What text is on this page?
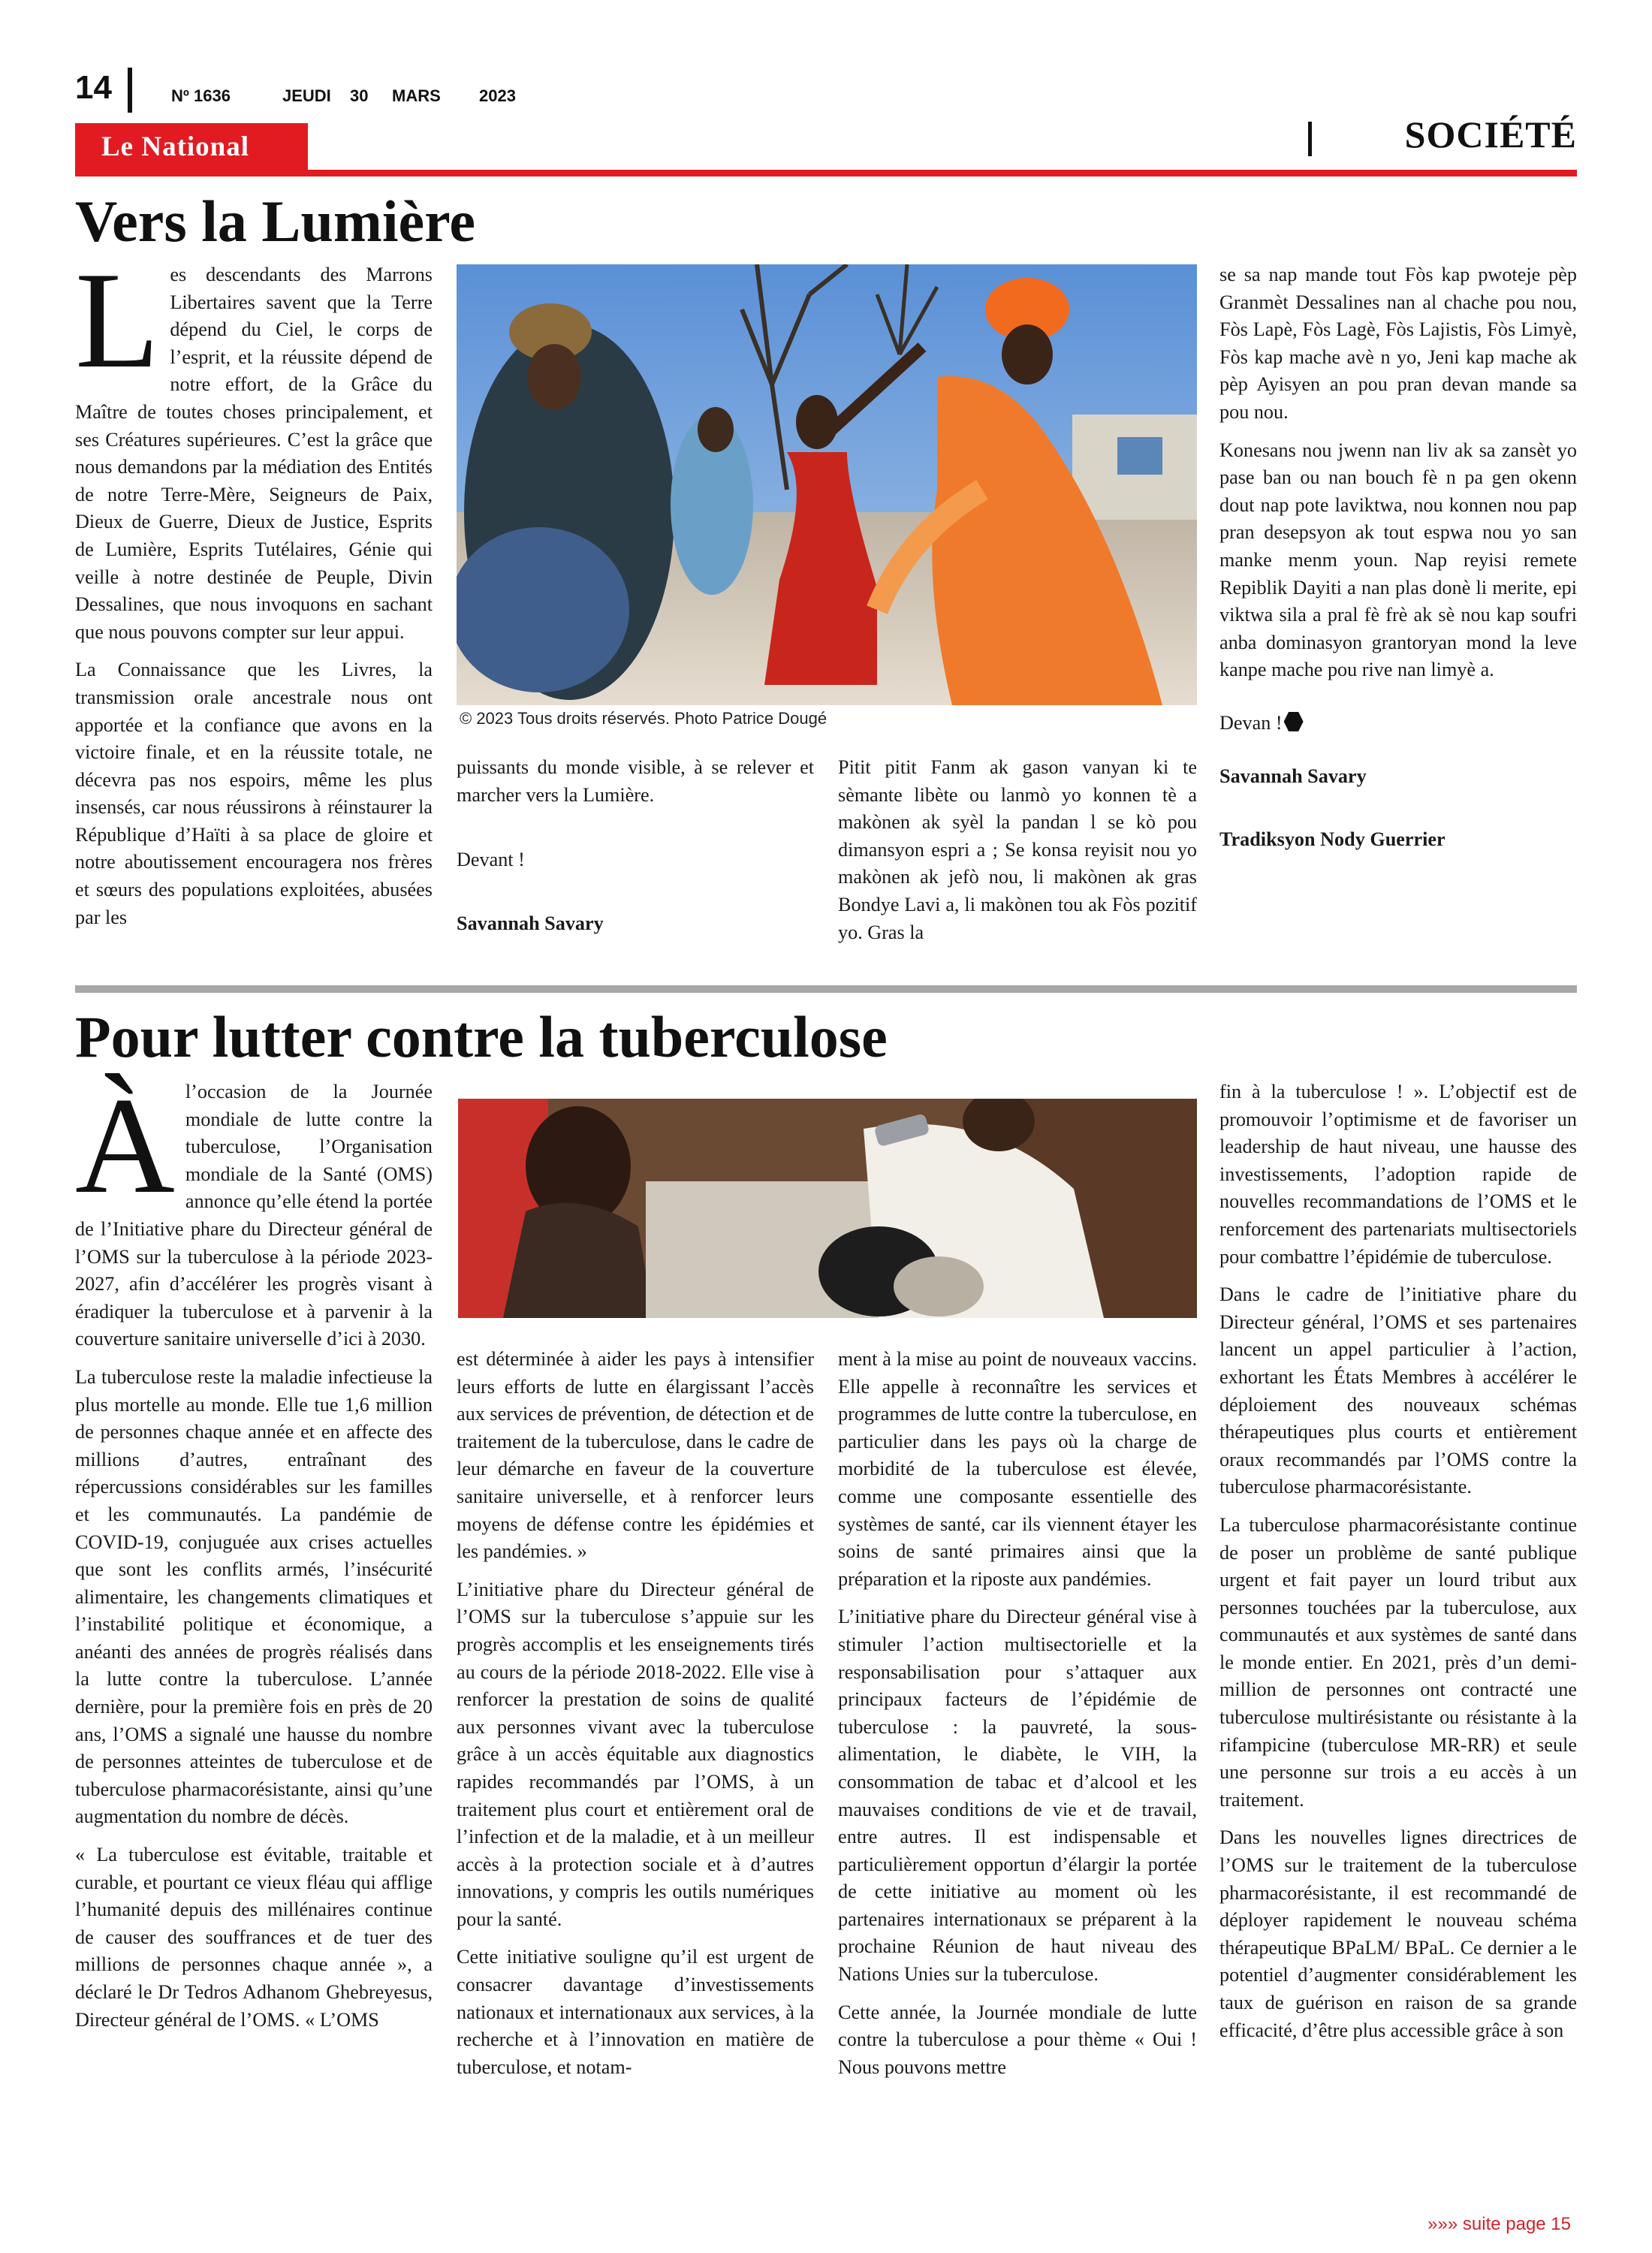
14	Nº 1636	JEUDI 30 MARS 2023
Le National	SOCIÉTÉ
Vers la Lumière

Les descendants des Marrons Libertaires savent que la Terre dépend du Ciel, le corps de l’esprit, et la réussite dépend de notre effort, de la Grâce du Maître de toutes choses principalement, et ses Créatures supérieures. C’est la grâce que nous demandons par la médiation des Entités de notre Terre-Mère, Seigneurs de Paix, Dieux de Guerre, Dieux de Justice, Esprits de Lumière, Esprits Tutélaires, Génie qui veille à notre destinée de Peuple, Divin Dessalines, que nous invoquons en sachant que nous pouvons compter sur leur appui.

La Connaissance que les Livres, la transmission orale ancestrale nous ont apportée et la confiance que avons en la victoire finale, et en la réussite totale, ne décevra pas nos espoirs, même les plus insensés, car nous réussirons à réinstaurer la République d’Haïti à sa place de gloire et notre aboutissement encouragera nos frères et sœurs des populations exploitées, abusées par les

© 2023 Tous droits réservés. Photo Patrice Dougé

puissants du monde visible, à se relever et marcher vers la Lumière.

Devant !

Savannah Savary

Pitit pitit Fanm ak gason vanyan ki te sèmante libète ou lanmò yo konnen tè a makònen ak syèl la pandan l se kò pou dimansyon espri a ; Se konsa reyisit nou yo makònen ak jefò nou, li makònen ak gras Bondye Lavi a, li makònen tou ak Fòs pozitif yo. Gras la

se sa nap mande tout Fòs kap pwoteje pèp Granmèt Dessalines nan al chache pou nou, Fòs Lapè, Fòs Lagè, Fòs Lajistis, Fòs Limyè, Fòs kap mache avè n yo, Jeni kap mache ak pèp Ayisyen an pou pran devan mande sa pou nou.

Konesans nou jwenn nan liv ak sa zansèt yo pase ban ou nan bouch fè n pa gen okenn dout nap pote laviktwa, nou konnen nou pap pran desepsyon ak tout espwa nou yo san manke menm youn. Nap reyisi remete Repiblik Dayiti a nan plas donè li merite, epi viktwa sila a pral fè frè ak sè nou kap soufri anba dominasyon grantoryan mond la leve kanpe mache pou rive nan limyè a.

Devan !

Savannah Savary

Tradiksyon Nody Guerrier

Pour lutter contre la tuberculose

Àl’occasion de la Journée mondiale de lutte contre la tuberculose, l’Organisation mondiale de la Santé (OMS) annonce qu’elle étend la portée de l’Initiative phare du Directeur général de l’OMS sur la tuberculose à la période 2023-2027, afin d’accélérer les progrès visant à éradiquer la tuberculose et à parvenir à la couverture sanitaire universelle d’ici à 2030.

La tuberculose reste la maladie infectieuse la plus mortelle au monde. Elle tue 1,6 million de personnes chaque année et en affecte des millions d’autres, entraînant des répercussions considérables sur les familles et les communautés. La pandémie de COVID-19, conjuguée aux crises actuelles que sont les conflits armés, l’insécurité alimentaire, les changements climatiques et l’instabilité politique et économique, a anéanti des années de progrès réalisés dans la lutte contre la tuberculose. L’année dernière, pour la première fois en près de 20 ans, l’OMS a signalé une hausse du nombre de personnes atteintes de tuberculose et de tuberculose pharmacorésistante, ainsi qu’une augmentation du nombre de décès.

« La tuberculose est évitable, traitable et curable, et pourtant ce vieux fléau qui afflige l’humanité depuis des millénaires continue de causer des souffrances et de tuer des millions de personnes chaque année », a déclaré le Dr Tedros Adhanom Ghebreyesus, Directeur général de l’OMS. « L’OMS

est déterminée à aider les pays à intensifier leurs efforts de lutte en élargissant l’accès aux services de prévention, de détection et de traitement de la tuberculose, dans le cadre de leur démarche en faveur de la couverture sanitaire universelle, et à renforcer leurs moyens de défense contre les épidémies et les pandémies. »

L’initiative phare du Directeur général de l’OMS sur la tuberculose s’appuie sur les progrès accomplis et les enseignements tirés au cours de la période 2018-2022. Elle vise à renforcer la prestation de soins de qualité aux personnes vivant avec la tuberculose grâce à un accès équitable aux diagnostics rapides recommandés par l’OMS, à un traitement plus court et entièrement oral de l’infection et de la maladie, et à un meilleur accès à la protection sociale et à d’autres innovations, y compris les outils numériques pour la santé.

Cette initiative souligne qu’il est urgent de consacrer davantage d’investissements nationaux et internationaux aux services, à la recherche et à l’innovation en matière de tuberculose, et notam-

ment à la mise au point de nouveaux vaccins. Elle appelle à reconnaître les services et programmes de lutte contre la tuberculose, en particulier dans les pays où la charge de morbidité de la tuberculose est élevée, comme une composante essentielle des systèmes de santé, car ils viennent étayer les soins de santé primaires ainsi que la préparation et la riposte aux pandémies.

L’initiative phare du Directeur général vise à stimuler l’action multisectorielle et la responsabilisation pour s’attaquer aux principaux facteurs de l’épidémie de tuberculose : la pauvreté, la sous-alimentation, le diabète, le VIH, la consommation de tabac et d’alcool et les mauvaises conditions de vie et de travail, entre autres. Il est indispensable et particulièrement opportun d’élargir la portée de cette initiative au moment où les partenaires internationaux se préparent à la prochaine Réunion de haut niveau des Nations Unies sur la tuberculose.

Cette année, la Journée mondiale de lutte contre la tuberculose a pour thème « Oui ! Nous pouvons mettre

fin à la tuberculose ! ». L’objectif est de promouvoir l’optimisme et de favoriser un leadership de haut niveau, une hausse des investissements, l’adoption rapide de nouvelles recommandations de l’OMS et le renforcement des partenariats multisectoriels pour combattre l’épidémie de tuberculose.

Dans le cadre de l’initiative phare du Directeur général, l’OMS et ses partenaires lancent un appel particulier à l’action, exhortant les États Membres à accélérer le déploiement des nouveaux schémas thérapeutiques plus courts et entièrement oraux recommandés par l’OMS contre la tuberculose pharmacorésistante.

La tuberculose pharmacorésistante continue de poser un problème de santé publique urgent et fait payer un lourd tribut aux personnes touchées par la tuberculose, aux communautés et aux systèmes de santé dans le monde entier. En 2021, près d’un demi-million de personnes ont contracté une tuberculose multirésistante ou résistante à la rifampicine (tuberculose MR-RR) et seule une personne sur trois a eu accès à un traitement.

Dans les nouvelles lignes directrices de l’OMS sur le traitement de la tuberculose pharmacorésistante, il est recommandé de déployer rapidement le nouveau schéma thérapeutique BPaLM/ BPaL. Ce dernier a le potentiel d’augmenter considérablement les taux de guérison en raison de sa grande efficacité, d’être plus accessible grâce à son

»»» suite page 15
